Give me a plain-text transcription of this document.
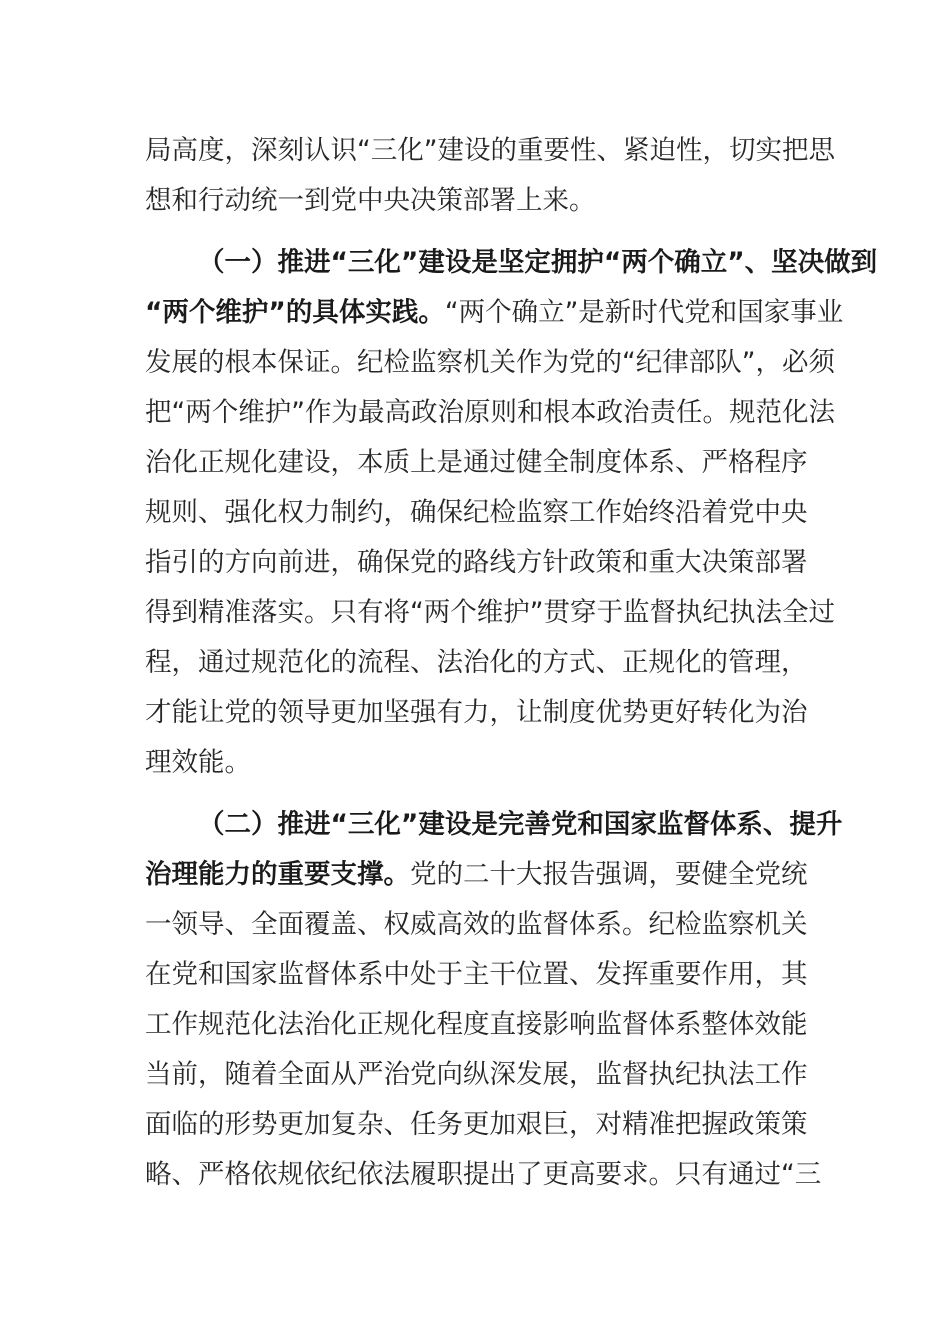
局高度，深刻认识“三化”建设的重要性、紧迫性，切实把思
想和行动统一到党中央决策部署上来。
（一）推进“三化”建设是坚定拥护“两个确立”、坚决做到
“两个维护”的具体实践。“两个确立”是新时代党和国家事业
发展的根本保证。纪检监察机关作为党的“纪律部队”，必须
把“两个维护”作为最高政治原则和根本政治责任。规范化法
治化正规化建设，本质上是通过健全制度体系、严格程序
规则、强化权力制约，确保纪检监察工作始终沿着党中央
指引的方向前进，确保党的路线方针政策和重大决策部署
得到精准落实。只有将“两个维护”贯穿于监督执纪执法全过
程，通过规范化的流程、法治化的方式、正规化的管理，
才能让党的领导更加坚强有力，让制度优势更好转化为治
理效能。
（二）推进“三化”建设是完善党和国家监督体系、提升
治理能力的重要支撑。党的二十大报告强调，要健全党统
一领导、全面覆盖、权威高效的监督体系。纪检监察机关
在党和国家监督体系中处于主干位置、发挥重要作用，其
工作规范化法治化正规化程度直接影响监督体系整体效能
当前，随着全面从严治党向纵深发展，监督执纪执法工作
面临的形势更加复杂、任务更加艰巨，对精准把握政策策
略、严格依规依纪依法履职提出了更高要求。只有通过“三
